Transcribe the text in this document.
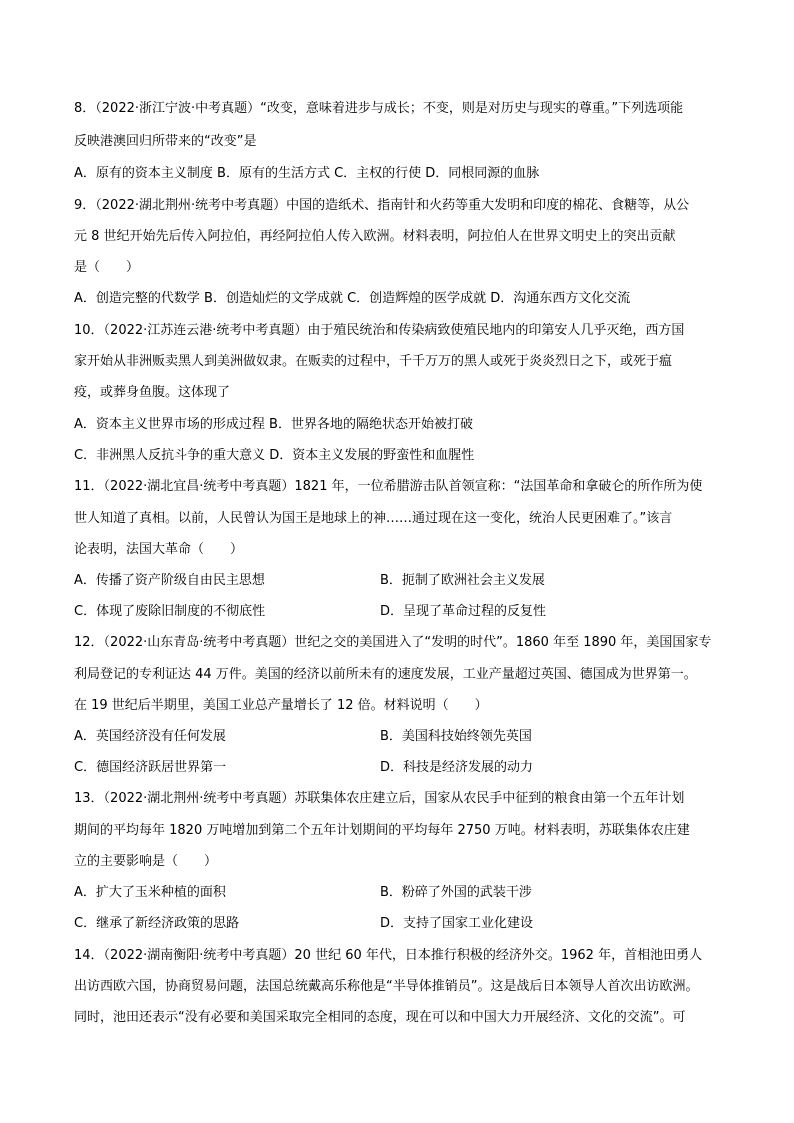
8．（2022·浙江宁波·中考真题）“改变，意味着进步与成长；不变，则是对历史与现实的尊重。”下列选项能
反映港澳回归所带来的“改变”是
A．原有的资本主义制度 B．原有的生活方式 C．主权的行使 D．同根同源的血脉
9．（2022·湖北荆州·统考中考真题）中国的造纸术、指南针和火药等重大发明和印度的棉花、食糖等，从公
元 8 世纪开始先后传入阿拉伯，再经阿拉伯人传入欧洲。材料表明，阿拉伯人在世界文明史上的突出贡献
是（　　）
A．创造完整的代数学 B．创造灿烂的文学成就 C．创造辉煌的医学成就 D．沟通东西方文化交流
10．（2022·江苏连云港·统考中考真题）由于殖民统治和传染病致使殖民地内的印第安人几乎灭绝，西方国
家开始从非洲贩卖黑人到美洲做奴隶。在贩卖的过程中，千千万万的黑人或死于炎炎烈日之下，或死于瘟
疫，或葬身鱼腹。这体现了
A．资本主义世界市场的形成过程 B．世界各地的隔绝状态开始被打破
C．非洲黑人反抗斗争的重大意义 D．资本主义发展的野蛮性和血腥性
11．（2022·湖北宜昌·统考中考真题）1821 年，一位希腊游击队首领宣称：“法国革命和拿破仑的所作所为使
世人知道了真相。以前，人民曾认为国王是地球上的神……通过现在这一变化，统治人民更困难了。”该言
论表明，法国大革命（　　）
A．传播了资产阶级自由民主思想	B．扼制了欧洲社会主义发展
C．体现了废除旧制度的不彻底性	D．呈现了革命过程的反复性
12．（2022·山东青岛·统考中考真题）世纪之交的美国进入了“发明的时代”。1860 年至 1890 年，美国国家专
利局登记的专利证达 44 万件。美国的经济以前所未有的速度发展，工业产量超过英国、德国成为世界第一。
在 19 世纪后半期里，美国工业总产量增长了 12 倍。材料说明（　　）
A．英国经济没有任何发展	B．美国科技始终领先英国
C．德国经济跃居世界第一	D．科技是经济发展的动力
13．（2022·湖北荆州·统考中考真题）苏联集体农庄建立后，国家从农民手中征到的粮食由第一个五年计划
期间的平均每年 1820 万吨增加到第二个五年计划期间的平均每年 2750 万吨。材料表明，苏联集体农庄建
立的主要影响是（　　）
A．扩大了玉米种植的面积	B．粉碎了外国的武装干涉
C．继承了新经济政策的思路	D．支持了国家工业化建设
14．（2022·湖南衡阳·统考中考真题）20 世纪 60 年代，日本推行积极的经济外交。1962 年，首相池田勇人
出访西欧六国，协商贸易问题，法国总统戴高乐称他是“半导体推销员”。这是战后日本领导人首次出访欧洲。
同时，池田还表示“没有必要和美国采取完全相同的态度，现在可以和中国大力开展经济、文化的交流”。可
